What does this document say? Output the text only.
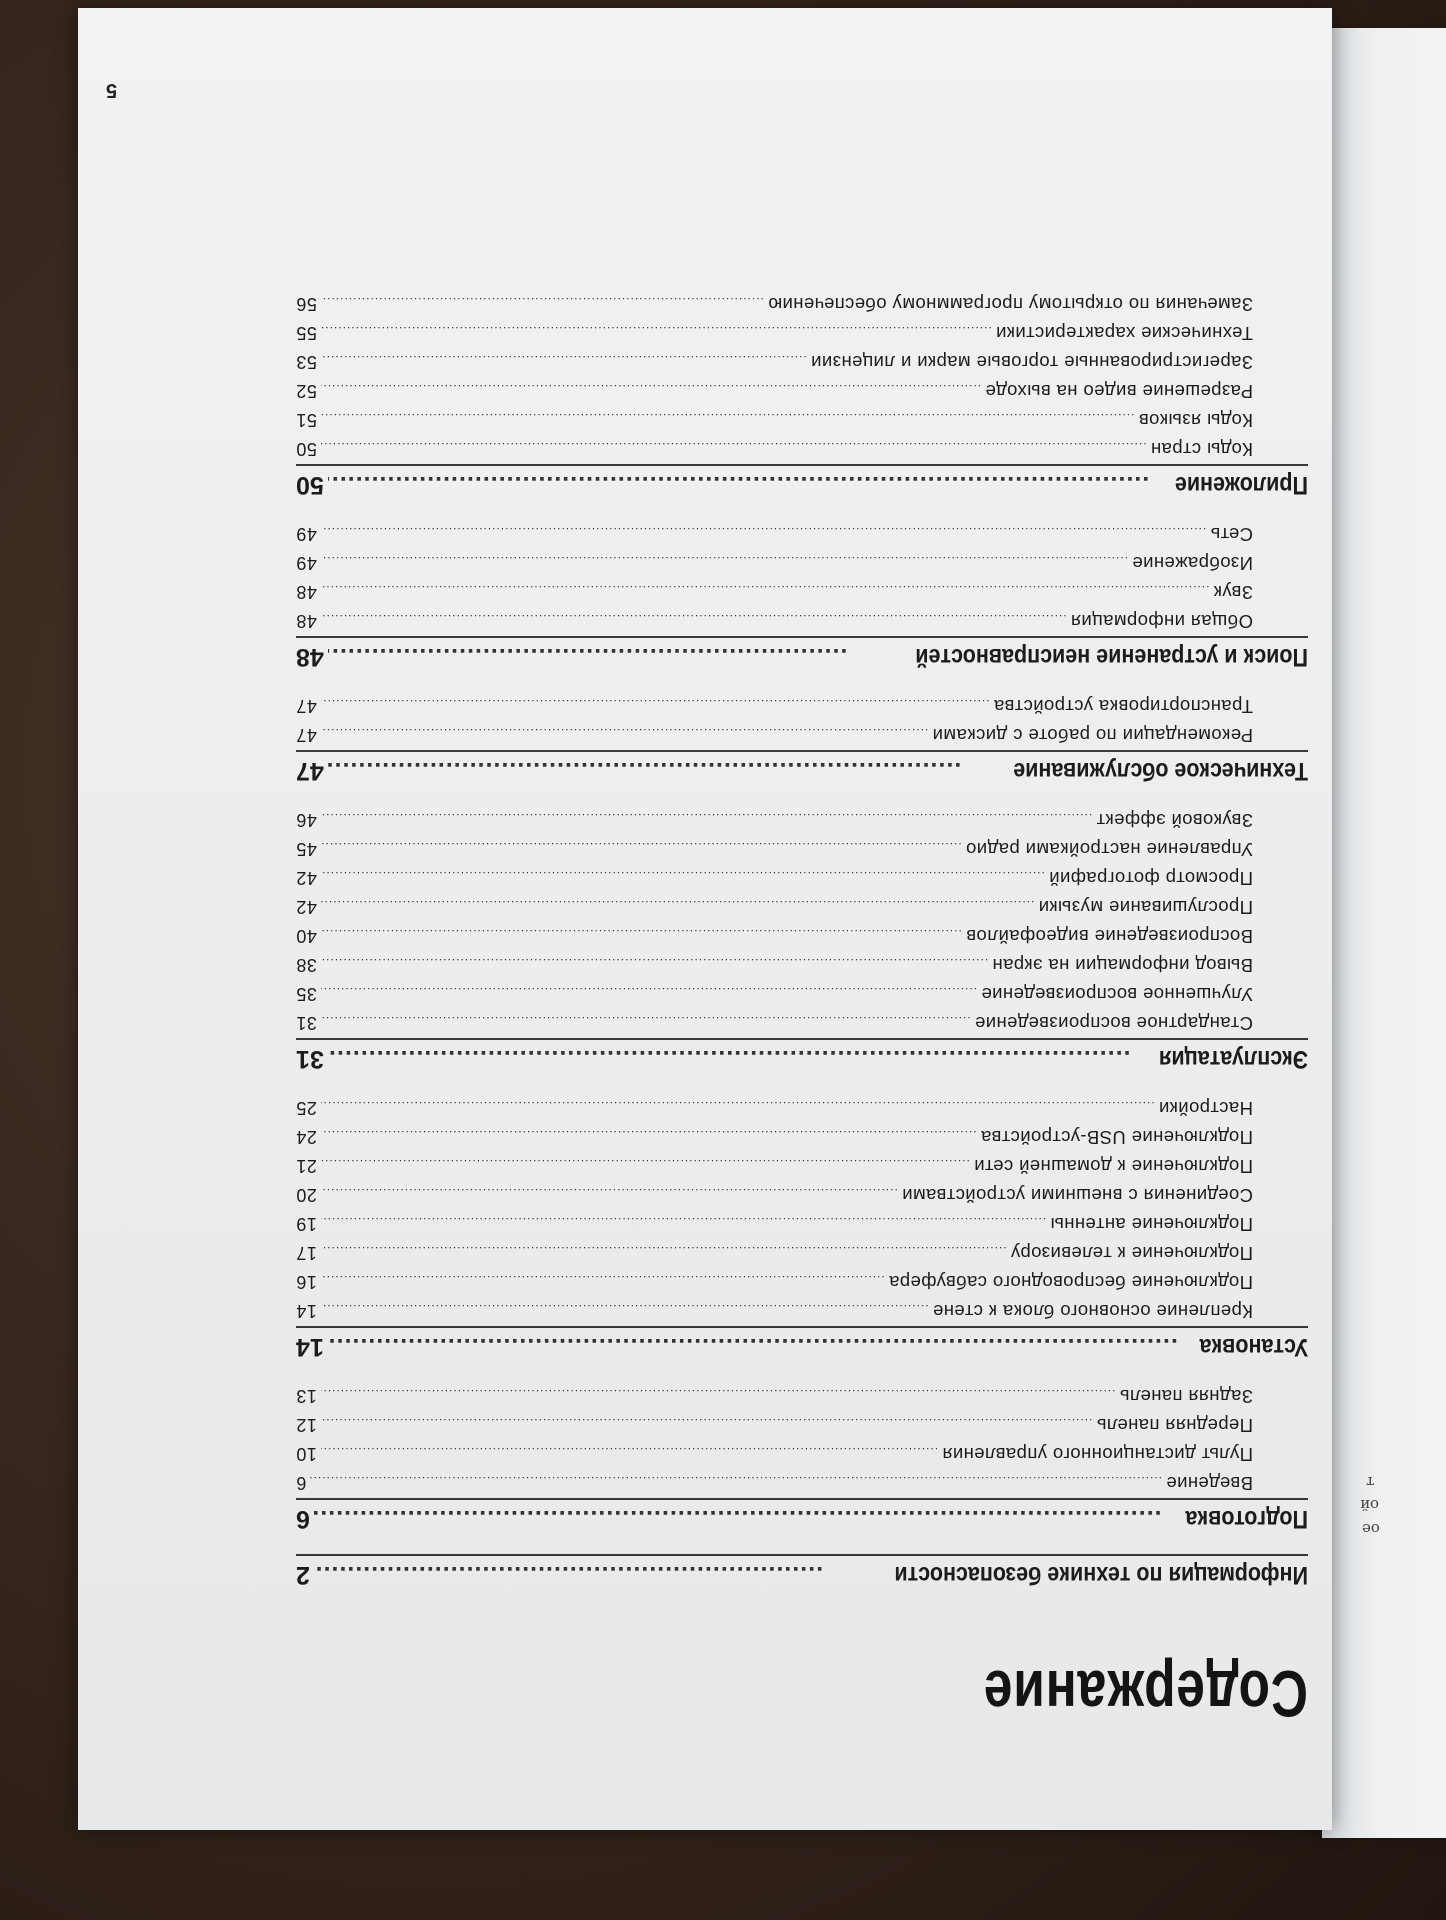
ое
ой
т
Содержание
Информация по технике безопасности
.....
2
Подготовка
.....
6
Введение
.....
6
Пульт дистанционного управления
.....
10
Передняя панель
.....
12
Задняя панель
.....
13
Установка
.....
14
Крепление основного блока к стене
.....
14
Подключение беспроводного сабвуфера
.....
16
Подключение к телевизору
.....
17
Подключение антенны
.....
19
Соединения с внешними устройствами
.....
20
Подключение к домашней сети
.....
21
Подключение USB-устройства
.....
24
Настройки
.....
25
Эксплуатация
.....
31
Стандартное воспроизведение
.....
31
Улучшенное воспроизведение
.....
35
Вывод информации на экран
.....
38
Воспроизведение видеофайлов
.....
40
Прослушивание музыки
.....
42
Просмотр фотографий
.....
42
Управление настройками радио
.....
45
Звуковой эффект
.....
46
Техническое обслуживание
.....
47
Рекомендации по работе с дисками
.....
47
Транспортировка устройства
.....
47
Поиск и устранение неисправностей
.....
48
Общая информация
.....
48
Звук
.....
48
Изображение
.....
49
Сеть
.....
49
Приложение
.....
50
Коды стран
.....
50
Коды языков
.....
51
Разрешение видео на выходе
.....
52
Зарегистрированные торговые марки и лицензии
.....
53
Технические характеристики
.....
55
Замечания по открытому программному обеспечению
.....
56
5
